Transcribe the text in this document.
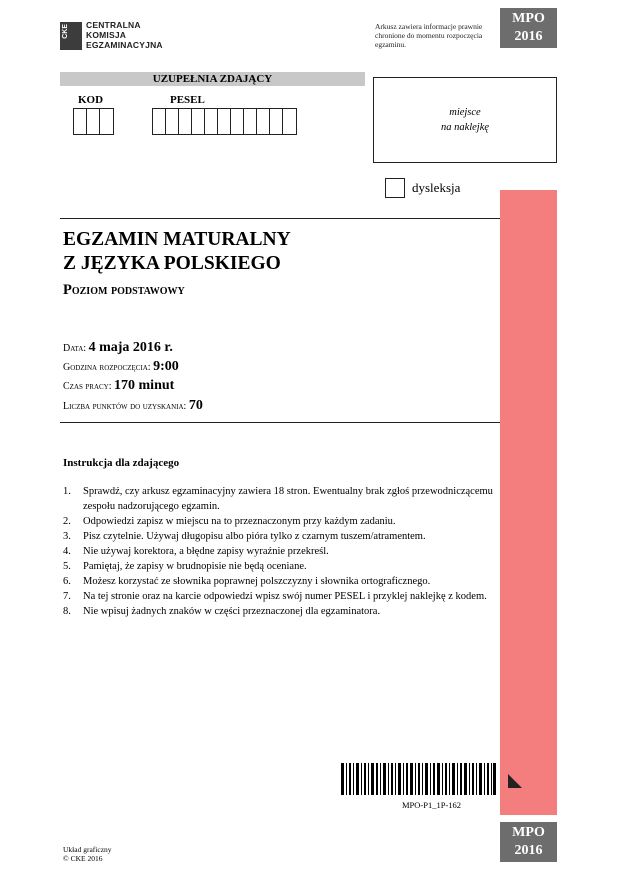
CKE CENTRALNA
KOMISJA
EGZAMINACYJNA
Arkusz zawiera informacje prawnie chronione do momentu rozpoczęcia egzaminu.
MPO
2016
UZUPEŁNIA ZDAJĄCY
KOD	PESEL
miejsce
na naklejkę
dysleksja
EGZAMIN MATURALNY
Z JĘZYKA POLSKIEGO
Poziom podstawowy
Data: 4 maja 2016 r.
Godzina rozpoczęcia: 9:00
Czas pracy: 170 minut
Liczba punktów do uzyskania: 70
Instrukcja dla zdającego
1.	Sprawdź, czy arkusz egzaminacyjny zawiera 18 stron. Ewentualny brak zgłoś przewodniczącemu zespołu nadzorującego egzamin.
2.	Odpowiedzi zapisz w miejscu na to przeznaczonym przy każdym zadaniu.
3.	Pisz czytelnie. Używaj długopisu albo pióra tylko z czarnym tuszem/atramentem.
4.	Nie używaj korektora, a błędne zapisy wyraźnie przekreśl.
5.	Pamiętaj, że zapisy w brudnopisie nie będą oceniane.
6.	Możesz korzystać ze słownika poprawnej polszczyzny i słownika ortograficznego.
7.	Na tej stronie oraz na karcie odpowiedzi wpisz swój numer PESEL i przyklej naklejkę z kodem.
8.	Nie wpisuj żadnych znaków w części przeznaczonej dla egzaminatora.
MPO-P1_1P-162
Układ graficzny
© CKE 2016
MPO
2016
